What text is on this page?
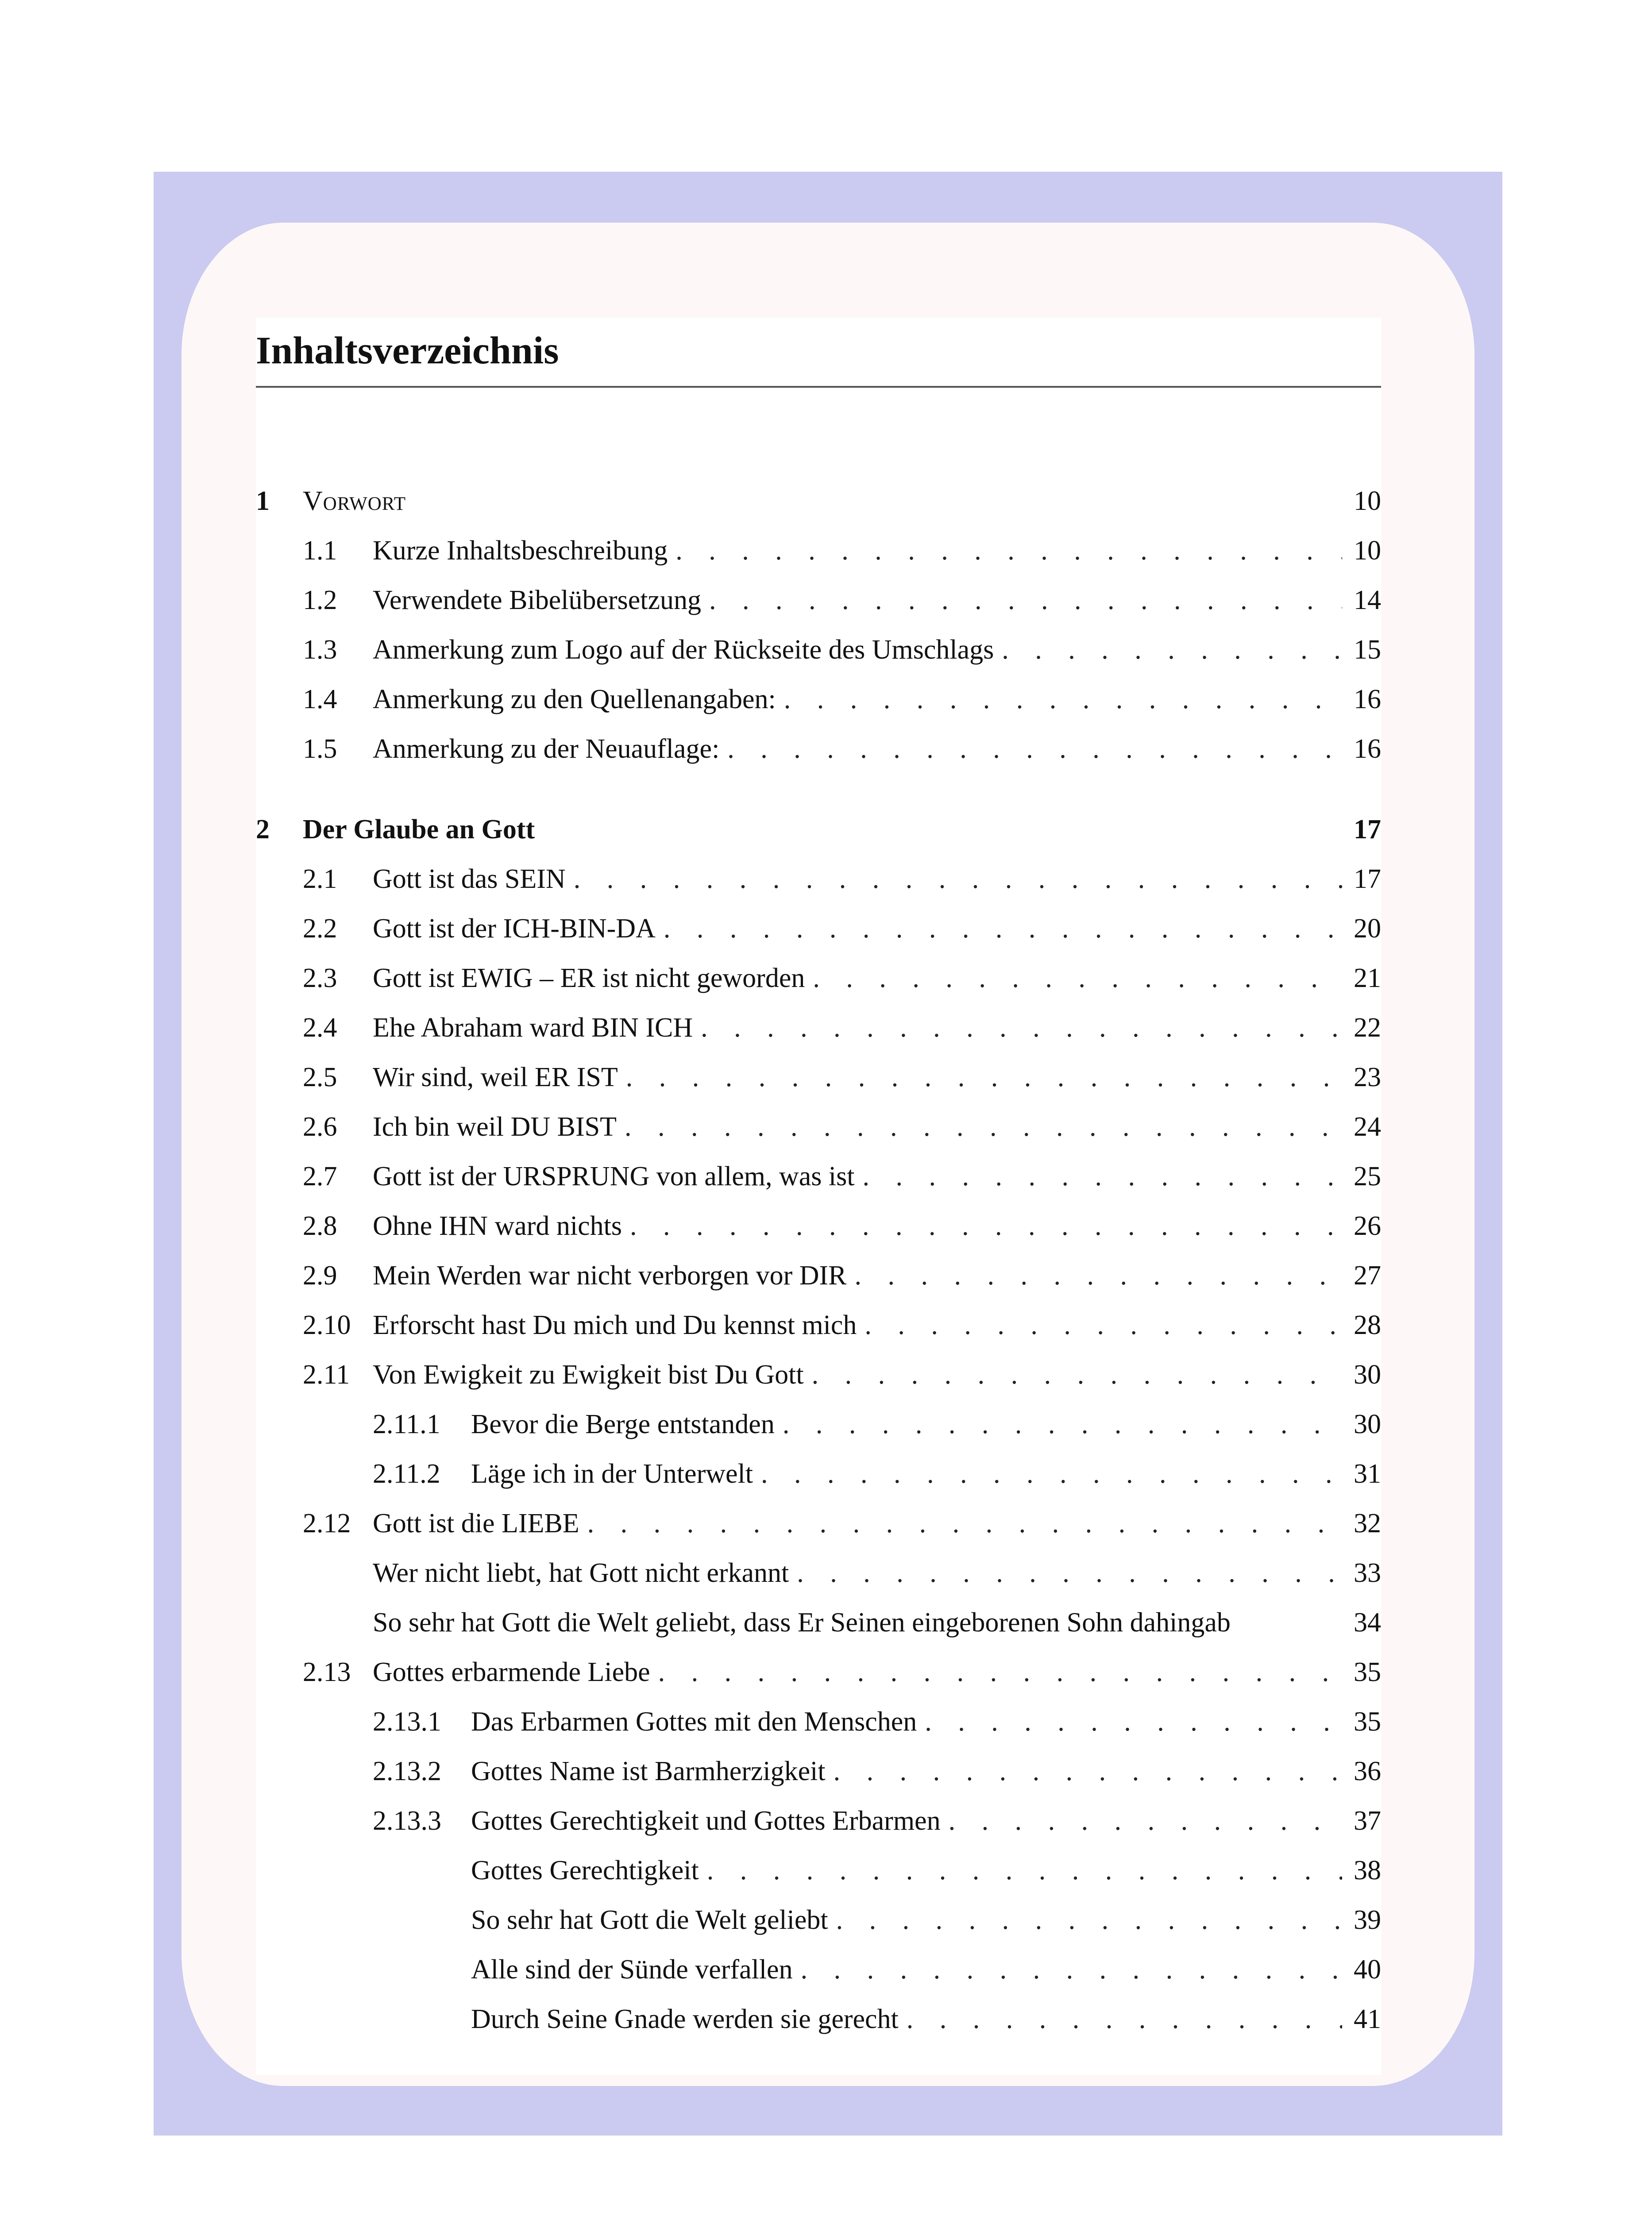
Inhaltsverzeichnis
1	Vorwort	10
1.1	Kurze Inhaltsbeschreibung . . .	10
1.2	Verwendete Bibelübersetzung . . .	14
1.3	Anmerkung zum Logo auf der Rückseite des Umschlags . . .	15
1.4	Anmerkung zu den Quellenangaben: . . .	16
1.5	Anmerkung zu der Neuauflage: . . .	16
2	Der Glaube an Gott	17
2.1	Gott ist das SEIN . . .	17
2.2	Gott ist der ICH-BIN-DA . . .	20
2.3	Gott ist EWIG – ER ist nicht geworden . . .	21
2.4	Ehe Abraham ward BIN ICH . . .	22
2.5	Wir sind, weil ER IST . . .	23
2.6	Ich bin weil DU BIST . . .	24
2.7	Gott ist der URSPRUNG von allem, was ist . . .	25
2.8	Ohne IHN ward nichts . . .	26
2.9	Mein Werden war nicht verborgen vor DIR . . .	27
2.10 Erforscht hast Du mich und Du kennst mich . . .	28
2.11 Von Ewigkeit zu Ewigkeit bist Du Gott . . .	30
2.11.1	Bevor die Berge entstanden . . .	30
2.11.2	Läge ich in der Unterwelt . . .	31
2.12 Gott ist die LIEBE . . .	32
Wer nicht liebt, hat Gott nicht erkannt . . .	33
So sehr hat Gott die Welt geliebt, dass Er Seinen eingeborenen Sohn dahingab	34
2.13 Gottes erbarmende Liebe . . .	35
2.13.1	Das Erbarmen Gottes mit den Menschen . . .	35
2.13.2	Gottes Name ist Barmherzigkeit . . .	36
2.13.3	Gottes Gerechtigkeit und Gottes Erbarmen . . .	37
Gottes Gerechtigkeit . . .	38
So sehr hat Gott die Welt geliebt . . .	39
Alle sind der Sünde verfallen . . .	40
Durch Seine Gnade werden sie gerecht . . .	41
